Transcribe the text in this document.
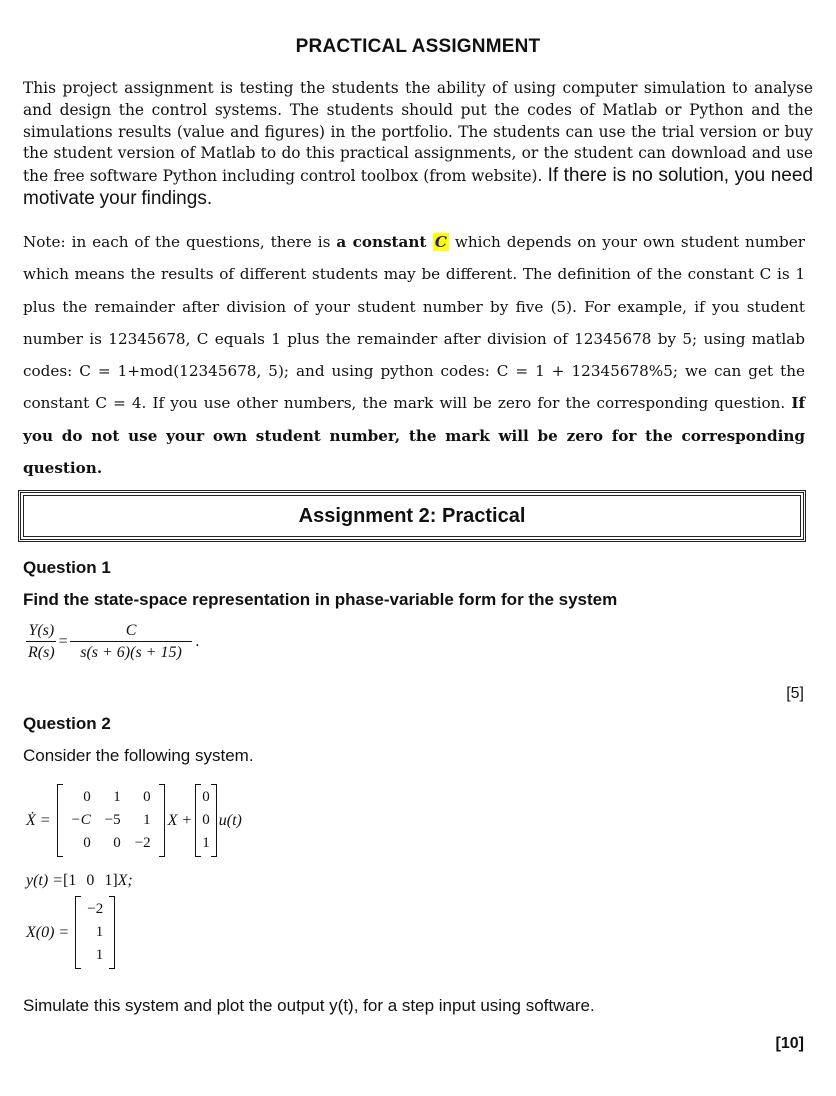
PRACTICAL ASSIGNMENT
This project assignment is testing the students the ability of using computer simulation to analyse and design the control systems. The students should put the codes of Matlab or Python and the simulations results (value and figures) in the portfolio. The students can use the trial version or buy the student version of Matlab to do this practical assignments, or the student can download and use the free software Python including control toolbox (from website). If there is no solution, you need motivate your findings.
Note: in each of the questions, there is a constant C which depends on your own student number which means the results of different students may be different. The definition of the constant C is 1 plus the remainder after division of your student number by five (5). For example, if you student number is 12345678, C equals 1 plus the remainder after division of 12345678 by 5; using matlab codes: C = 1+mod(12345678, 5); and using python codes: C = 1 + 12345678%5; we can get the constant C = 4. If you use other numbers, the mark will be zero for the corresponding question. If you do not use your own student number, the mark will be zero for the corresponding question.
Assignment 2: Practical
Question 1
Find the state-space representation in phase-variable form for the system
$\frac{Y(s)}{R(s)} = \frac{C}{s(s + 6)(s + 15)}$ .
[5]
Question 2
Consider the following system.
Ẋ =
0	1	0
−C	−5	1
0	0	−2
X +
0
0
1
u(t)
y(t) = [1 0 1] X;
X(0) =
−2
1
1
Simulate this system and plot the output y(t), for a step input using software.
[10]
